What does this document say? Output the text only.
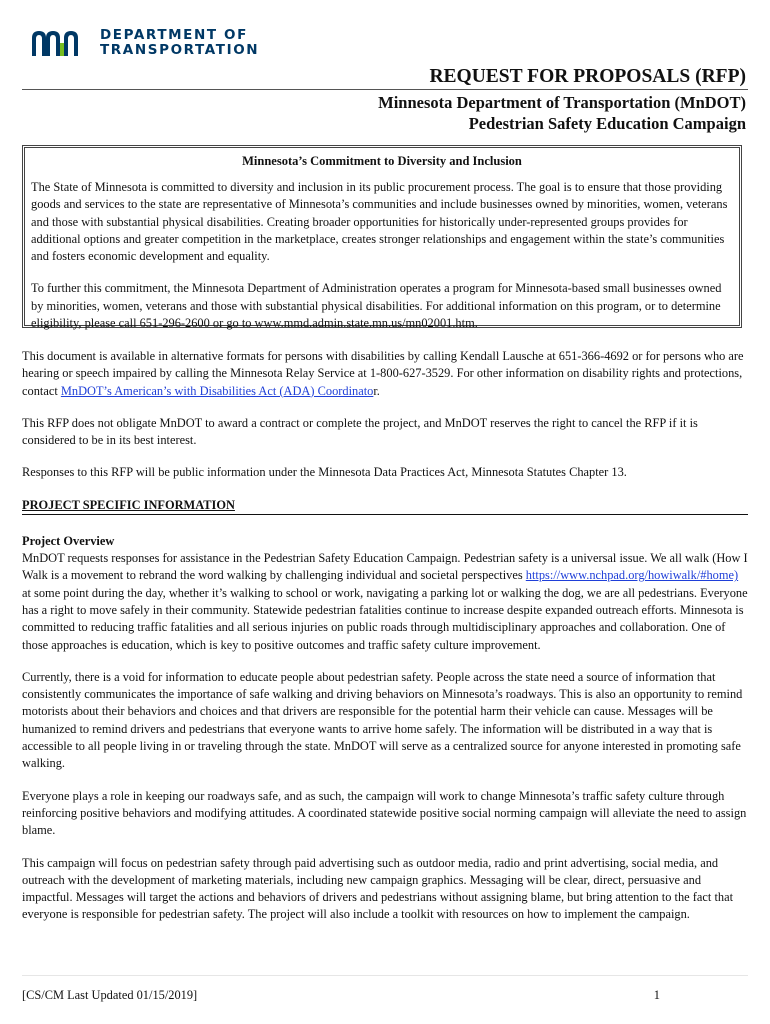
DEPARTMENT OF
TRANSPORTATION
REQUEST FOR PROPOSALS (RFP)
Minnesota Department of Transportation (MnDOT)
Pedestrian Safety Education Campaign
Minnesota’s Commitment to Diversity and Inclusion

The State of Minnesota is committed to diversity and inclusion in its public procurement process. The goal is to ensure that those providing goods and services to the state are representative of Minnesota’s communities and include businesses owned by minorities, women, veterans and those with substantial physical disabilities. Creating broader opportunities for historically under-represented groups provides for additional options and greater competition in the marketplace, creates stronger relationships and engagement within the state’s communities and fosters economic development and equality.

To further this commitment, the Minnesota Department of Administration operates a program for Minnesota-based small businesses owned by minorities, women, veterans and those with substantial physical disabilities. For additional information on this program, or to determine eligibility, please call 651-296-2600 or go to www.mmd.admin.state.mn.us/mn02001.htm.

This document is available in alternative formats for persons with disabilities by calling Kendall Lausche at 651-366-4692 or for persons who are hearing or speech impaired by calling the Minnesota Relay Service at 1-800-627-3529. For other information on disability rights and protections, contact MnDOT’s American’s with Disabilities Act (ADA) Coordinator.

This RFP does not obligate MnDOT to award a contract or complete the project, and MnDOT reserves the right to cancel the RFP if it is considered to be in its best interest.

Responses to this RFP will be public information under the Minnesota Data Practices Act, Minnesota Statutes Chapter 13.

PROJECT SPECIFIC INFORMATION
Project Overview

MnDOT requests responses for assistance in the Pedestrian Safety Education Campaign. Pedestrian safety is a universal issue. We all walk (How I Walk is a movement to rebrand the word walking by challenging individual and societal perspectives https://www.nchpad.org/howiwalk/#home) at some point during the day, whether it’s walking to school or work, navigating a parking lot or walking the dog, we are all pedestrians. Everyone has a right to move safely in their community. Statewide pedestrian fatalities continue to increase despite expanded outreach efforts. Minnesota is committed to reducing traffic fatalities and all serious injuries on public roads through multidisciplinary approaches and collaboration. One of those approaches is education, which is key to positive outcomes and traffic safety culture improvement.

Currently, there is a void for information to educate people about pedestrian safety. People across the state need a source of information that consistently communicates the importance of safe walking and driving behaviors on Minnesota’s roadways. This is also an opportunity to remind motorists about their behaviors and choices and that drivers are responsible for the potential harm their vehicle can cause. Messages will be humanized to remind drivers and pedestrians that everyone wants to arrive home safely. The information will be distributed in a way that is accessible to all people living in or traveling through the state. MnDOT will serve as a centralized source for anyone interested in promoting safe walking.

Everyone plays a role in keeping our roadways safe, and as such, the campaign will work to change Minnesota’s traffic safety culture through reinforcing positive behaviors and modifying attitudes. A coordinated statewide positive social norming campaign will alleviate the need to assign blame.

This campaign will focus on pedestrian safety through paid advertising such as outdoor media, radio and print advertising, social media, and outreach with the development of marketing materials, including new campaign graphics. Messaging will be clear, direct, persuasive and impactful. Messages will target the actions and behaviors of drivers and pedestrians without assigning blame, but bring attention to the fact that everyone is responsible for pedestrian safety. The project will also include a toolkit with resources on how to implement the campaign.

[CS/CM Last Updated 01/15/2019]	1
